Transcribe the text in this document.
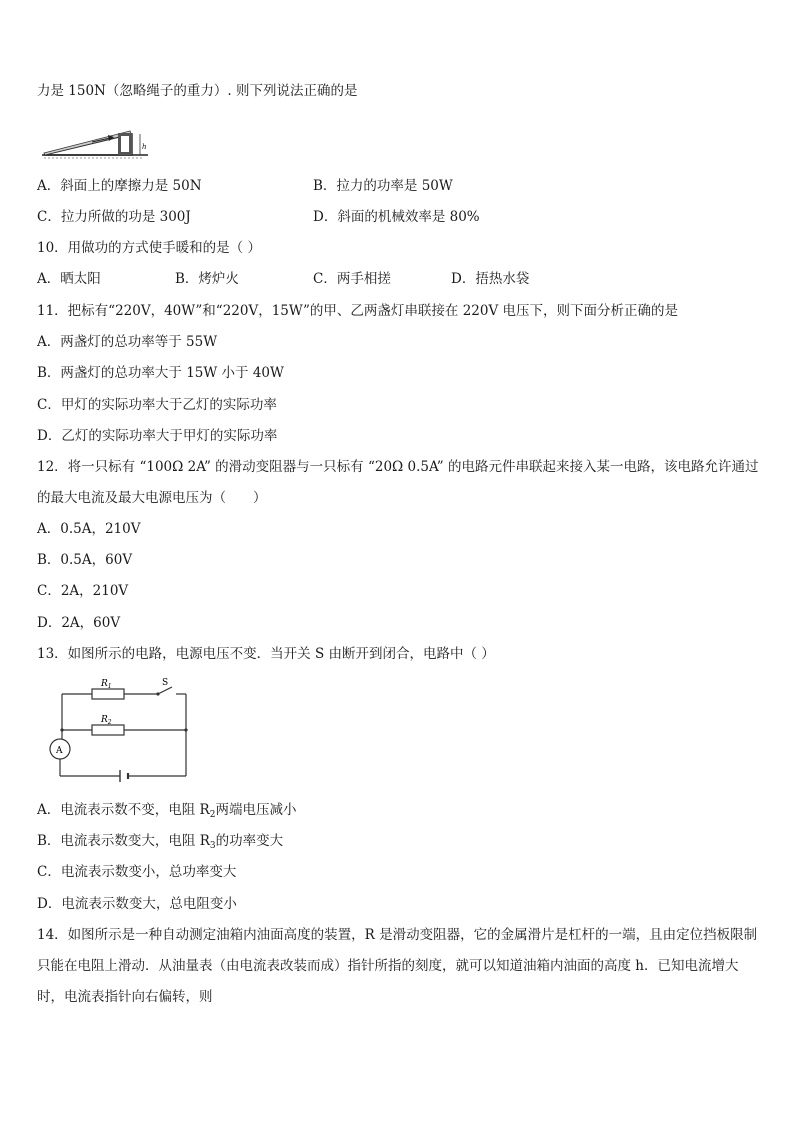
力是 150N（忽略绳子的重力）. 则下列说法正确的是
h
A．斜面上的摩擦力是 50N	B．拉力的功率是 50W
C．拉力所做的功是 300J	D．斜面的机械效率是 80%
10．用做功的方式使手暖和的是（ ）
A．晒太阳	B．烤炉火	C．两手相搓	D．捂热水袋
11．把标有“220V，40W”和“220V，15W”的甲、乙两盏灯串联接在 220V 电压下，则下面分析正确的是
A．两盏灯的总功率等于 55W
B．两盏灯的总功率大于 15W 小于 40W
C．甲灯的实际功率大于乙灯的实际功率
D．乙灯的实际功率大于甲灯的实际功率
12．将一只标有 “100Ω 2A” 的滑动变阻器与一只标有 “20Ω 0.5A” 的电路元件串联起来接入某一电路，该电路允许通过的最大电流及最大电源电压为（　　）
A．0.5A，210V
B．0.5A，60V
C．2A，210V
D．2A，60V
13．如图所示的电路，电源电压不变．当开关 S 由断开到闭合，电路中（ ）
$R_1$
$R_2$
S
A
A．电流表示数不变，电阻 $R_2$两端电压减小
B．电流表示数变大，电阻 $R_3$的功率变大
C．电流表示数变小，总功率变大
D．电流表示数变大，总电阻变小
14．如图所示是一种自动测定油箱内油面高度的装置，R 是滑动变阻器，它的金属滑片是杠杆的一端，且由定位挡板限制只能在电阻上滑动．从油量表（由电流表改装而成）指针所指的刻度，就可以知道油箱内油面的高度 h．已知电流增大时，电流表指针向右偏转，则
